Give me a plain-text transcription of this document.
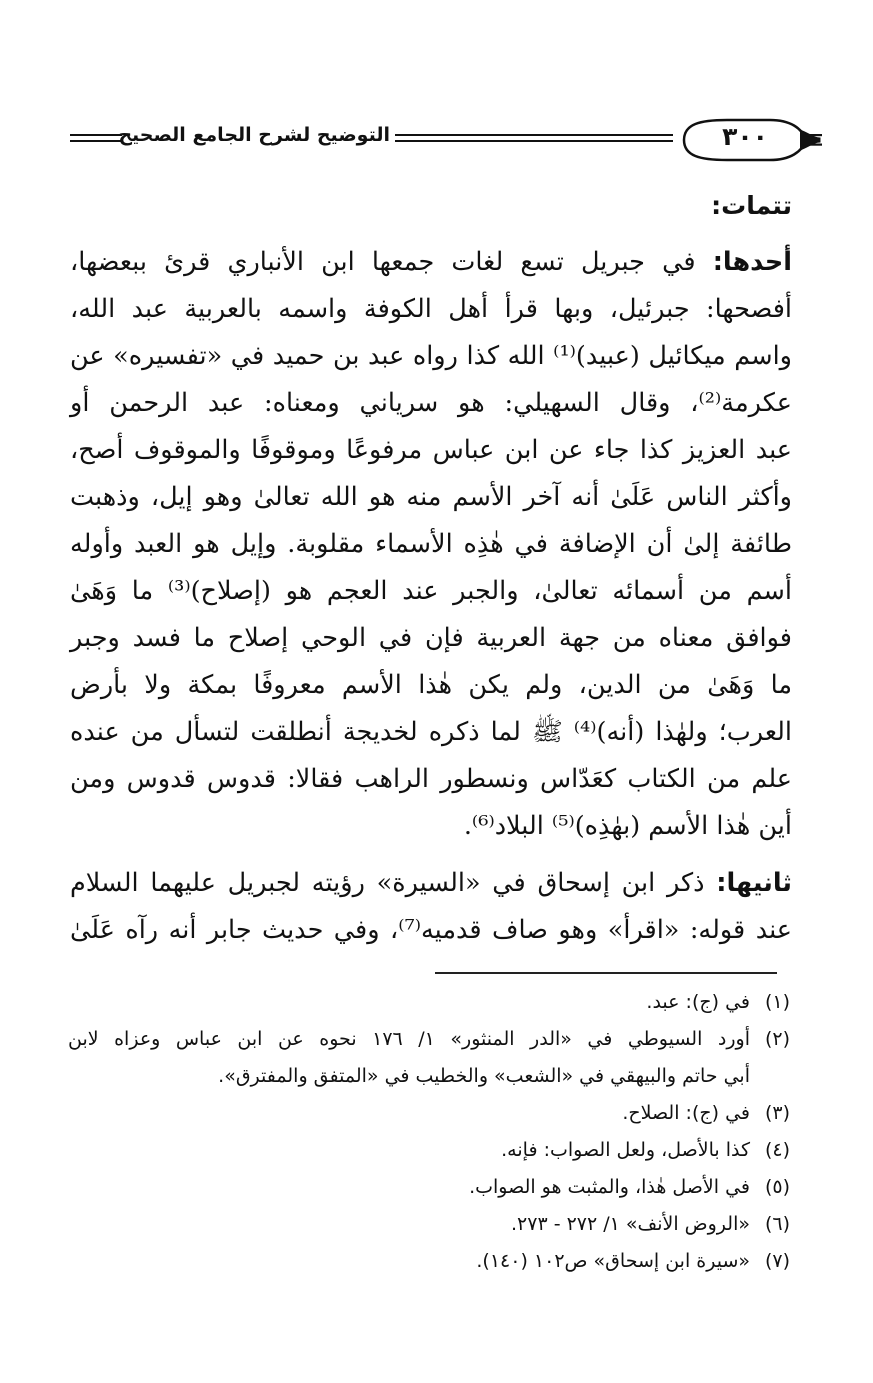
التوضيح لشرح الجامع الصحيح	٣٠٠
تتمات:
أحدها: في جبريل تسع لغات جمعها ابن الأنباري قرئ ببعضها،
أفصحها: جبرئيل، وبها قرأ أهل الكوفة واسمه بالعربية عبد الله،
واسم ميكائيل (عبيد)⁽¹⁾ الله كذا رواه عبد بن حميد في «تفسيره» عن
عكرمة⁽²⁾، وقال السهيلي: هو سرياني ومعناه: عبد الرحمن أو
عبد العزيز كذا جاء عن ابن عباس مرفوعًا وموقوفًا والموقوف أصح،
وأكثر الناس عَلَىٰ أنه آخر الأسم منه هو الله تعالىٰ وهو إيل، وذهبت
طائفة إلىٰ أن الإضافة في هٰذِه الأسماء مقلوبة. وإيل هو العبد وأوله
أسم من أسمائه تعالىٰ، والجبر عند العجم هو (إصلاح)⁽³⁾ ما وَهَىٰ
فوافق معناه من جهة العربية فإن في الوحي إصلاح ما فسد وجبر
ما وَهَىٰ من الدين، ولم يكن هٰذا الأسم معروفًا بمكة ولا بأرض
العرب؛ ولهٰذا (أنه)⁽⁴⁾ ﷺ لما ذكره لخديجة أنطلقت لتسأل من عنده
علم من الكتاب كعَدّاس ونسطور الراهب فقالا: قدوس قدوس ومن
أين هٰذا الأسم (بهٰذِه)⁽⁵⁾ البلاد⁽⁶⁾.
ثانيها: ذكر ابن إسحاق في «السيرة» رؤيته لجبريل عليهما السلام
عند قوله: «اقرأ» وهو صاف قدميه⁽⁷⁾، وفي حديث جابر أنه رآه عَلَىٰ
(١)
في (ج): عبد.
(٢)
أورد السيوطي في «الدر المنثور» ١/ ١٧٦ نحوه عن ابن عباس وعزاه لابن
أبي حاتم والبيهقي في «الشعب» والخطيب في «المتفق والمفترق».
(٣)
في (ج): الصلاح.
(٤)
كذا بالأصل، ولعل الصواب: فإنه.
(٥)
في الأصل هٰذا، والمثبت هو الصواب.
(٦)
«الروض الأنف» ١/ ٢٧٢ - ٢٧٣.
(٧)
«سيرة ابن إسحاق» ص١٠٢ (١٤٠).
